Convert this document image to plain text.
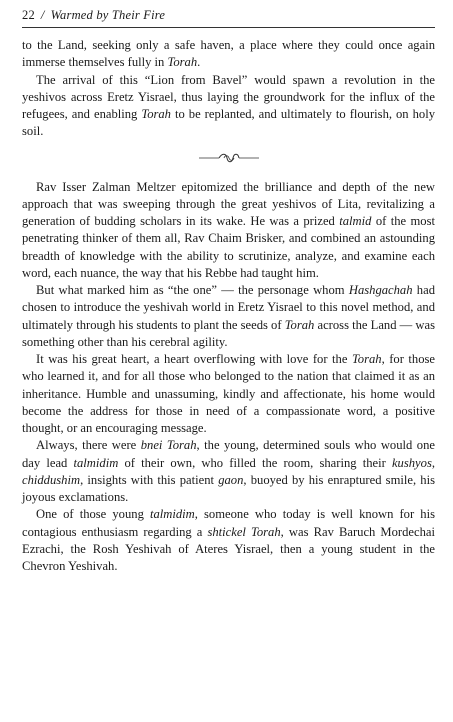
22 / Warmed by Their Fire

to the Land, seeking only a safe haven, a place where they could once again immerse themselves fully in Torah.

The arrival of this “Lion from Bavel” would spawn a revolution in the yeshivos across Eretz Yisrael, thus laying the groundwork for the influx of the refugees, and enabling Torah to be replanted, and ultimately to flourish, on holy soil.

Rav Isser Zalman Meltzer epitomized the brilliance and depth of the new approach that was sweeping through the great yeshivos of Lita, revitalizing a generation of budding scholars in its wake. He was a prized talmid of the most penetrating thinker of them all, Rav Chaim Brisker, and combined an astounding breadth of knowledge with the ability to scrutinize, analyze, and examine each word, each nuance, the way that his Rebbe had taught him.

But what marked him as “the one” — the personage whom Hashgachah had chosen to introduce the yeshivah world in Eretz Yisrael to this novel method, and ultimately through his students to plant the seeds of Torah across the Land — was something other than his cerebral agility.

It was his great heart, a heart overflowing with love for the Torah, for those who learned it, and for all those who belonged to the nation that claimed it as an inheritance. Humble and unassuming, kindly and affectionate, his home would become the address for those in need of a compassionate word, a positive thought, or an encouraging message.

Always, there were bnei Torah, the young, determined souls who would one day lead talmidim of their own, who filled the room, sharing their kushyos, chiddushim, insights with this patient gaon, buoyed by his enraptured smile, his joyous exclamations.

One of those young talmidim, someone who today is well known for his contagious enthusiasm regarding a shtickel Torah, was Rav Baruch Mordechai Ezrachi, the Rosh Yeshivah of Ateres Yisrael, then a young student in the Chevron Yeshivah.
